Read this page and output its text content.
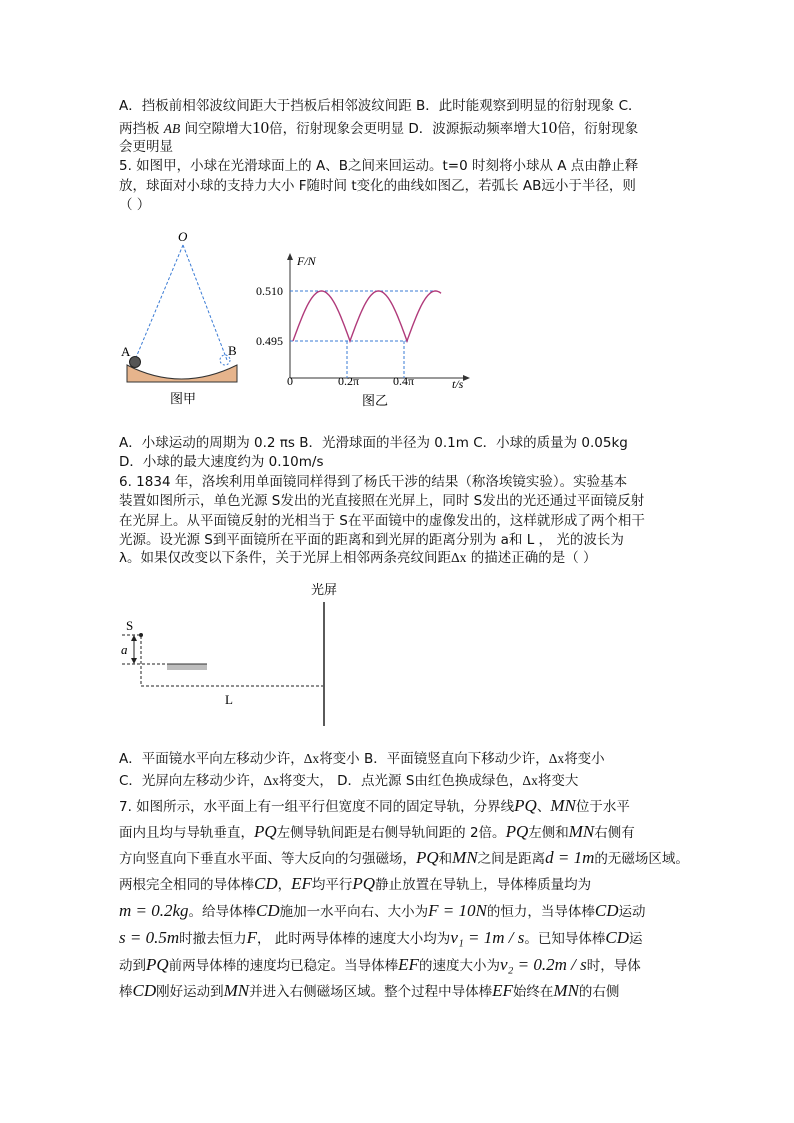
A．挡板前相邻波纹间距大于挡板后相邻波纹间距 B．此时能观察到明显的衍射现象 C．
两挡板 AB 间空隙增大10倍，衍射现象会更明显 D．波源振动频率增大10倍，衍射现象
会更明显
5. 如图甲，小球在光滑球面上的 A、B之间来回运动。t=0 时刻将小球从 A 点由静止释
放，球面对小球的支持力大小 F随时间 t变化的曲线如图乙，若弧长 AB远小于半径，则
（ ）
O
A	B
图甲
F/N
t/s
0.510
0.495
0	0.2π	0.4π
图乙
A．小球运动的周期为 0.2 πs B．光滑球面的半径为 0.1m C．小球的质量为 0.05kg
D．小球的最大速度约为 0.10m/s
6. 1834 年，洛埃利用单面镜同样得到了杨氏干涉的结果（称洛埃镜实验）。实验基本
装置如图所示，单色光源 S发出的光直接照在光屏上，同时 S发出的光还通过平面镜反射
在光屏上。从平面镜反射的光相当于 S在平面镜中的虚像发出的，这样就形成了两个相干
光源。设光源 S到平面镜所在平面的距离和到光屏的距离分别为 a和 L ， 光的波长为
λ。如果仅改变以下条件，关于光屏上相邻两条亮纹间距Δx 的描述正确的是（ ）
光屏
S
a
L
A．平面镜水平向左移动少许，Δx将变小 B．平面镜竖直向下移动少许，Δx将变小
C．光屏向左移动少许，Δx将变大， D．点光源 S由红色换成绿色，Δx将变大
7. 如图所示，水平面上有一组平行但宽度不同的固定导轨，分界线PQ、MN位于水平
面内且均与导轨垂直，PQ左侧导轨间距是右侧导轨间距的 2倍。PQ左侧和MN右侧有
方向竖直向下垂直水平面、等大反向的匀强磁场，PQ和MN之间是距离d = 1m的无磁场区域。
两根完全相同的导体棒CD，EF均平行PQ静止放置在导轨上，导体棒质量均为
m = 0.2kg。给导体棒CD施加一水平向右、大小为F = 10N的恒力，当导体棒CD运动
s = 0.5m时撤去恒力F， 此时两导体棒的速度大小均为v₁ = 1m / s。已知导体棒CD运
动到PQ前两导体棒的速度均已稳定。当导体棒EF的速度大小为v₂ = 0.2m / s时，导体
棒CD刚好运动到MN并进入右侧磁场区域。整个过程中导体棒EF始终在MN的右侧
